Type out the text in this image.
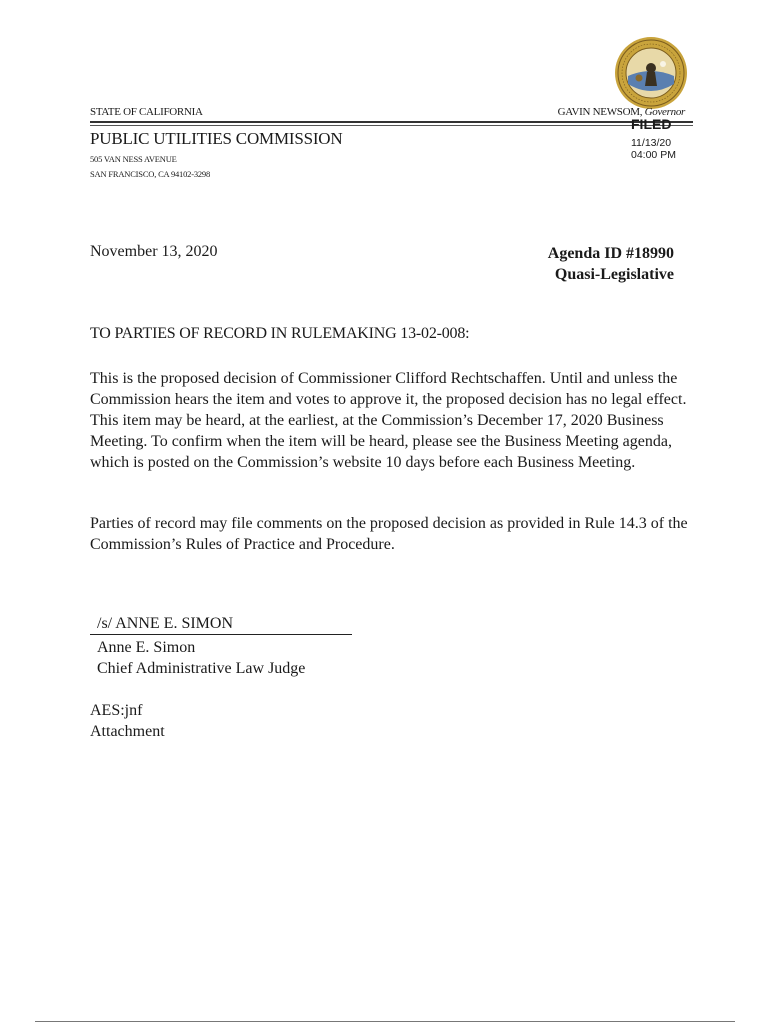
STATE OF CALIFORNIA	GAVIN NEWSOM, Governor
PUBLIC UTILITIES COMMISSION
505 VAN NESS AVENUE
SAN FRANCISCO, CA 94102-3298
FILED
11/13/20
04:00 PM
November 13, 2020	Agenda ID #18990
Quasi-Legislative
TO PARTIES OF RECORD IN RULEMAKING 13-02-008:
This is the proposed decision of Commissioner Clifford Rechtschaffen. Until and unless the Commission hears the item and votes to approve it, the proposed decision has no legal effect. This item may be heard, at the earliest, at the Commission’s December 17, 2020 Business Meeting. To confirm when the item will be heard, please see the Business Meeting agenda, which is posted on the Commission’s website 10 days before each Business Meeting.
Parties of record may file comments on the proposed decision as provided in Rule 14.3 of the Commission’s Rules of Practice and Procedure.
/s/ ANNE E. SIMON
Anne E. Simon
Chief Administrative Law Judge
AES:jnf
Attachment
